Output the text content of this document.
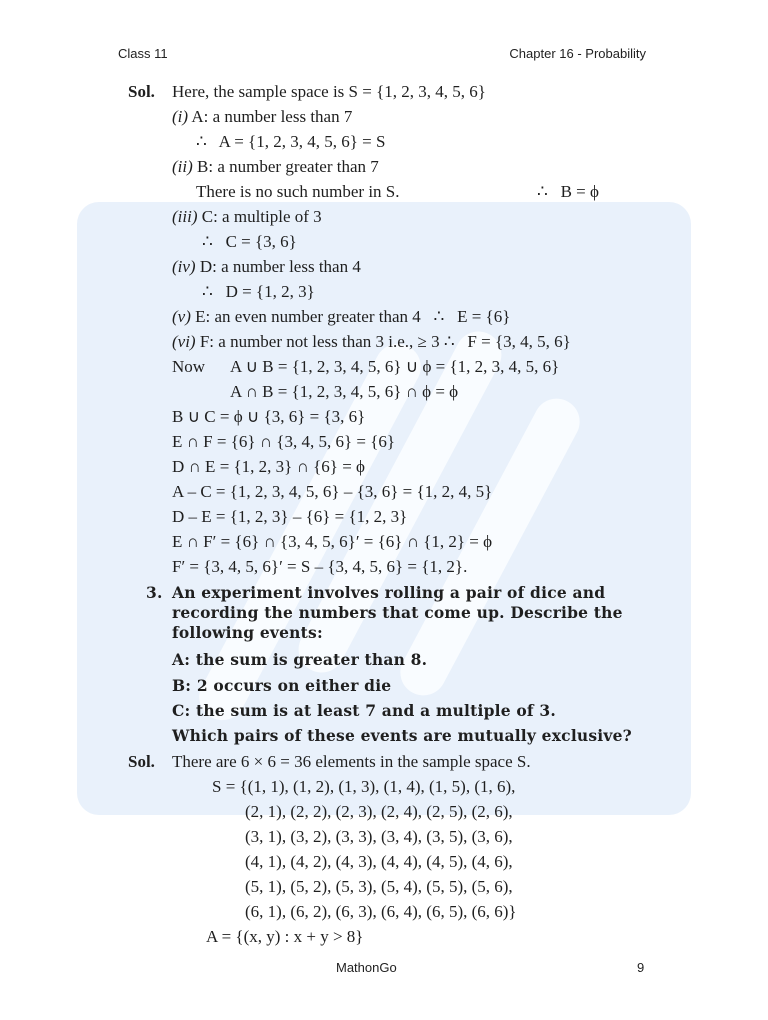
Class 11	Chapter 16 - Probability
Sol. Here, the sample space is S = {1, 2, 3, 4, 5, 6}
(i) A: a number less than 7
∴   A = {1, 2, 3, 4, 5, 6} = S
(ii) B: a number greater than 7
There is no such number in S.	∴   B = ϕ
(iii) C: a multiple of 3
∴   C = {3, 6}
(iv) D: a number less than 4
∴   D = {1, 2, 3}
(v) E: an even number greater than 4   ∴   E = {6}
(vi) F: a number not less than 3 i.e., ≥ 3 ∴   F = {3, 4, 5, 6}
Now A ∪ B = {1, 2, 3, 4, 5, 6} ∪ ϕ = {1, 2, 3, 4, 5, 6}
A ∩ B = {1, 2, 3, 4, 5, 6} ∩ ϕ = ϕ
B ∪ C = ϕ ∪ {3, 6} = {3, 6}
E ∩ F = {6} ∩ {3, 4, 5, 6} = {6}
D ∩ E = {1, 2, 3} ∩ {6} = ϕ
A – C = {1, 2, 3, 4, 5, 6} – {3, 6} = {1, 2, 4, 5}
D – E = {1, 2, 3} – {6} = {1, 2, 3}
E ∩ F′ = {6} ∩ {3, 4, 5, 6}′ = {6} ∩ {1, 2} = ϕ
F′ = {3, 4, 5, 6}′ = S – {3, 4, 5, 6} = {1, 2}.
3. An experiment involves rolling a pair of dice and
recording the numbers that come up. Describe the
following events:
A: the sum is greater than 8.
B: 2 occurs on either die
C: the sum is at least 7 and a multiple of 3.
Which pairs of these events are mutually exclusive?
Sol. There are 6 × 6 = 36 elements in the sample space S.
S = {(1, 1), (1, 2), (1, 3), (1, 4), (1, 5), (1, 6),
(2, 1), (2, 2), (2, 3), (2, 4), (2, 5), (2, 6),
(3, 1), (3, 2), (3, 3), (3, 4), (3, 5), (3, 6),
(4, 1), (4, 2), (4, 3), (4, 4), (4, 5), (4, 6),
(5, 1), (5, 2), (5, 3), (5, 4), (5, 5), (5, 6),
(6, 1), (6, 2), (6, 3), (6, 4), (6, 5), (6, 6)}
A = {(x, y) : x + y > 8}
MathonGo	9
